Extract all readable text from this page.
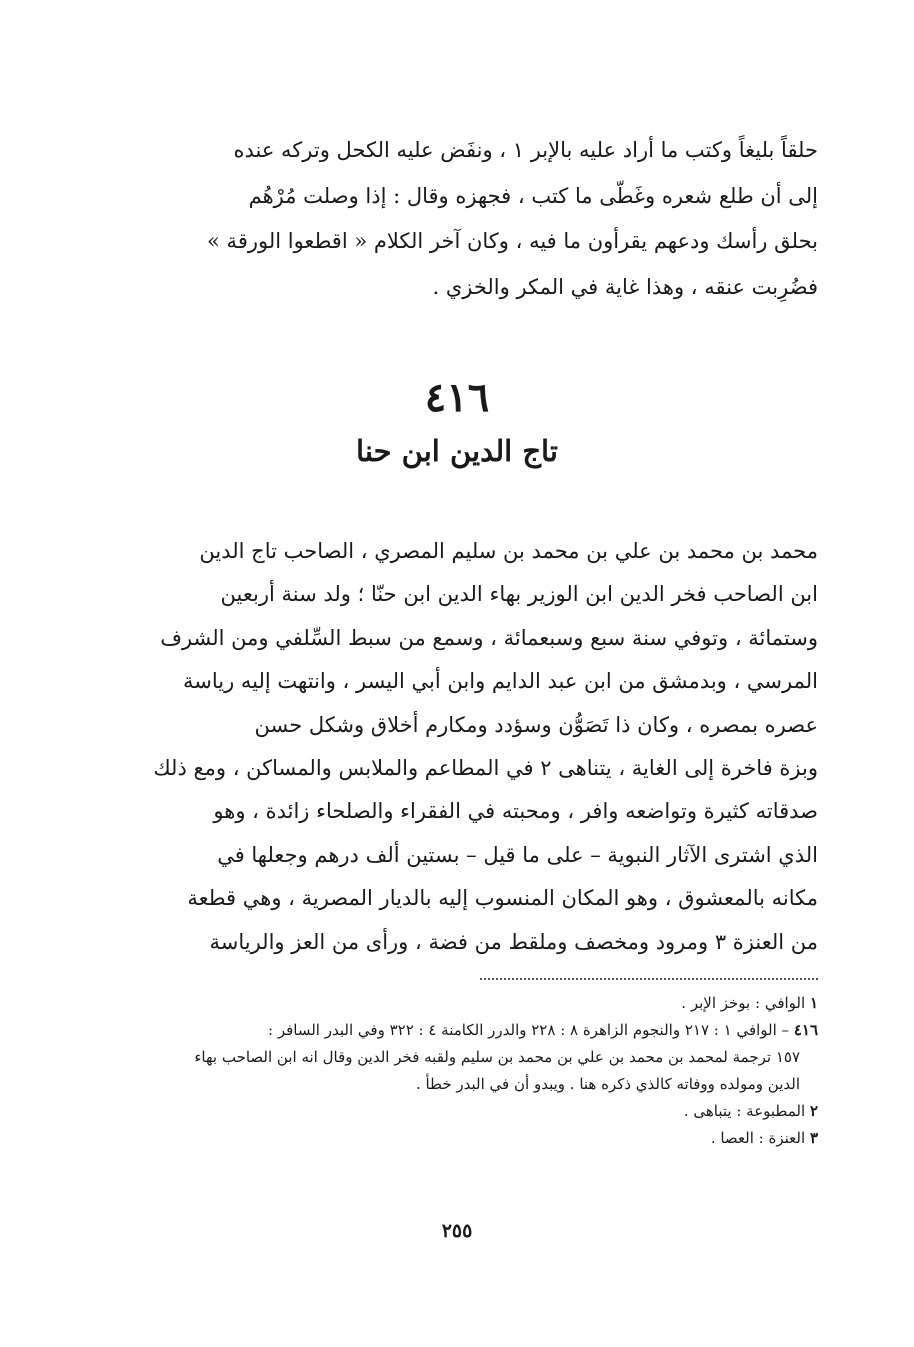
حلقاً بليغاً وكتب ما أراد عليه بالإبر ١ ، ونفَض عليه الكحل وتركه عنده
إلى أن طلع شعره وغَطّى ما كتب ، فجهزه وقال : إذا وصلت مُرْهُم
بحلق رأسك ودعهم يقرأون ما فيه ، وكان آخر الكلام « اقطعوا الورقة »
فضُرِبت عنقه ، وهذا غاية في المكر والخزي .
٤١٦
تاج الدين ابن حنا
محمد بن محمد بن علي بن محمد بن سليم المصري ، الصاحب تاج الدين
ابن الصاحب فخر الدين ابن الوزير بهاء الدين ابن حنّا ؛ ولد سنة أربعين
وستمائة ، وتوفي سنة سبع وسبعمائة ، وسمع من سبط السِّلفي ومن الشرف
المرسي ، وبدمشق من ابن عبد الدايم وابن أبي اليسر ، وانتهت إليه رياسة
عصره بمصره ، وكان ذا تَصَوُّن وسؤدد ومكارم أخلاق وشكل حسن
وبزة فاخرة إلى الغاية ، يتناهى ٢ في المطاعم والملابس والمساكن ، ومع ذلك
صدقاته كثيرة وتواضعه وافر ، ومحبته في الفقراء والصلحاء زائدة ، وهو
الذي اشترى الآثار النبوية – على ما قيل – بستين ألف درهم وجعلها في
مكانه بالمعشوق ، وهو المكان المنسوب إليه بالديار المصرية ، وهي قطعة
من العنزة ٣ ومرود ومخصف وملقط من فضة ، ورأى من العز والرياسة
١ الوافي : بوخز الإبر .
٤١٦ – الوافي ١ : ٢١٧ والنجوم الزاهرة ٨ : ٢٢٨ والدرر الكامنة ٤ : ٣٢٢ وفي البدر السافر :
١٥٧ ترجمة لمحمد بن محمد بن علي بن محمد بن سليم ولقبه فخر الدين وقال انه ابن الصاحب بهاء
الدين ومولده ووفاته كالذي ذكره هنا . ويبدو أن في البدر خطأ .
٢ المطبوعة : يتباهى .
٣ العنزة : العصا .
٢٥٥
